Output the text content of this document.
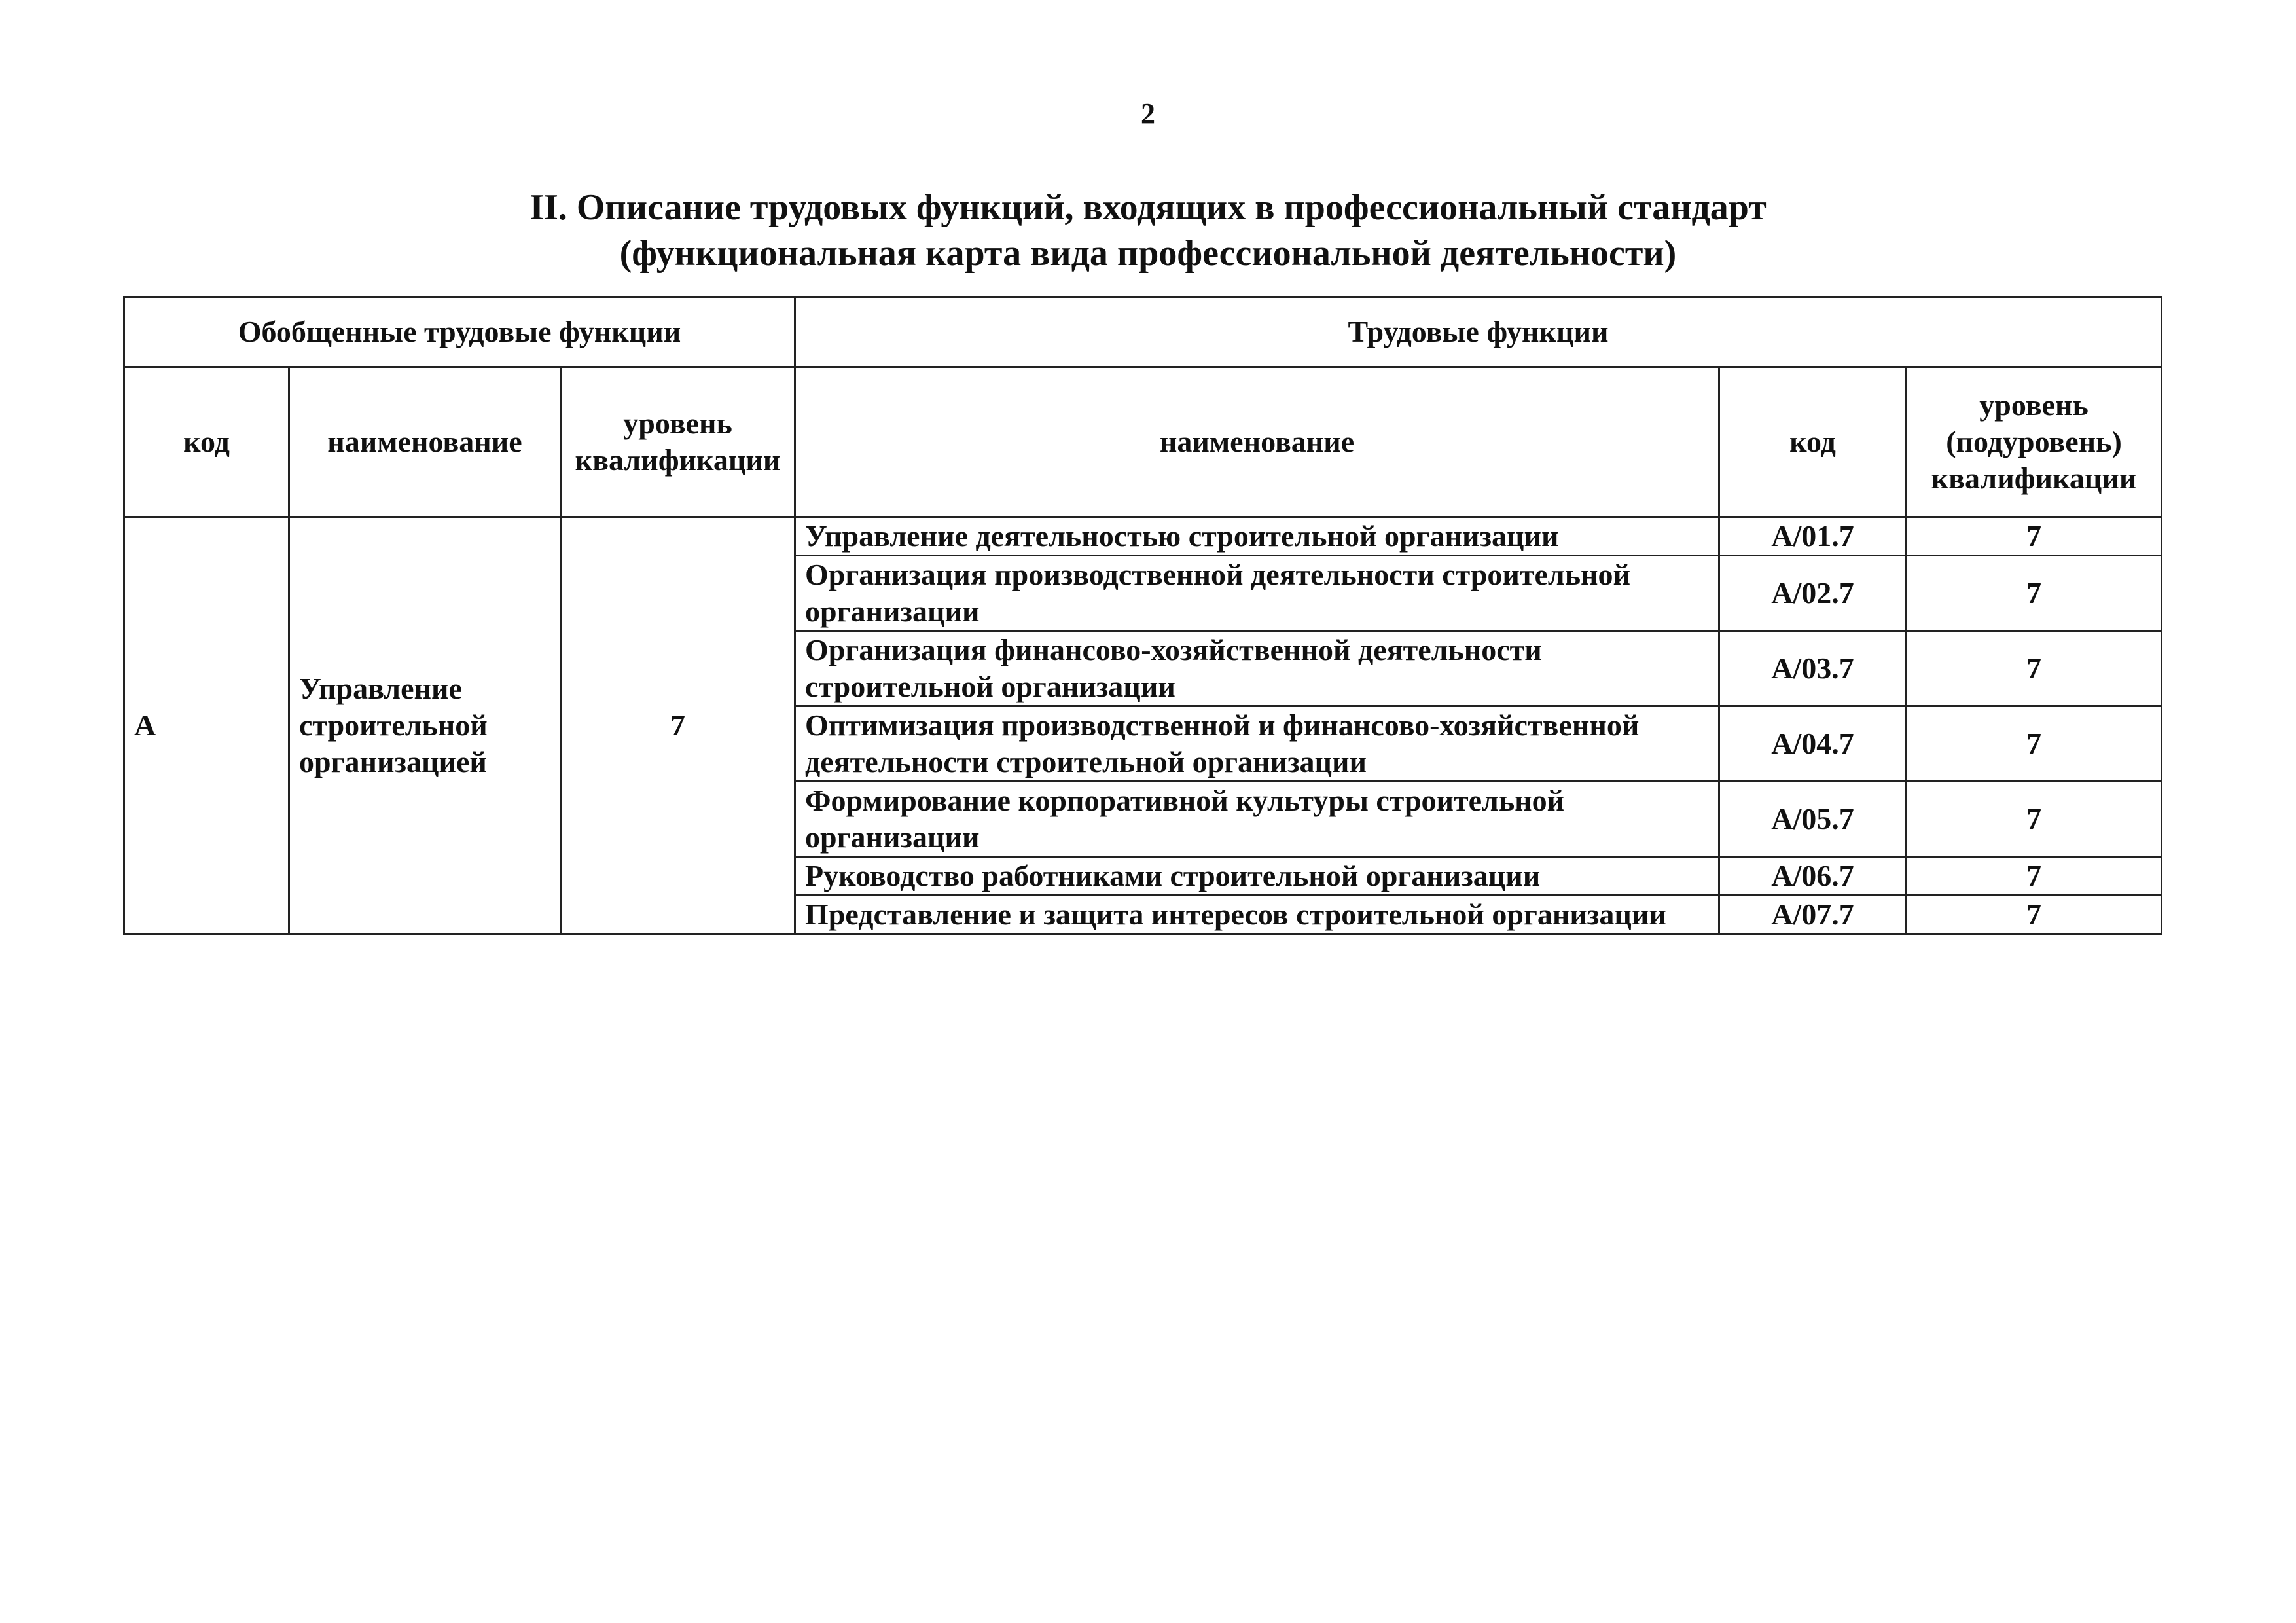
2
II. Описание трудовых функций, входящих в профессиональный стандарт
(функциональная карта вида профессиональной деятельности)
Обобщенные трудовые функции			Трудовые функции		
код	наименование	уровень квалификации	наименование	код	уровень (подуровень) квалификации
А	Управление строительной организацией	7	Управление деятельностью строительной организации	А/01.7	7
			Организация производственной деятельности строительной организации	А/02.7	7
			Организация финансово-хозяйственной деятельности строительной организации	А/03.7	7
			Оптимизация производственной и финансово-хозяйственной деятельности строительной организации	А/04.7	7
			Формирование корпоративной культуры строительной организации	А/05.7	7
			Руководство работниками строительной организации	А/06.7	7
			Представление и защита интересов строительной организации	А/07.7	7
